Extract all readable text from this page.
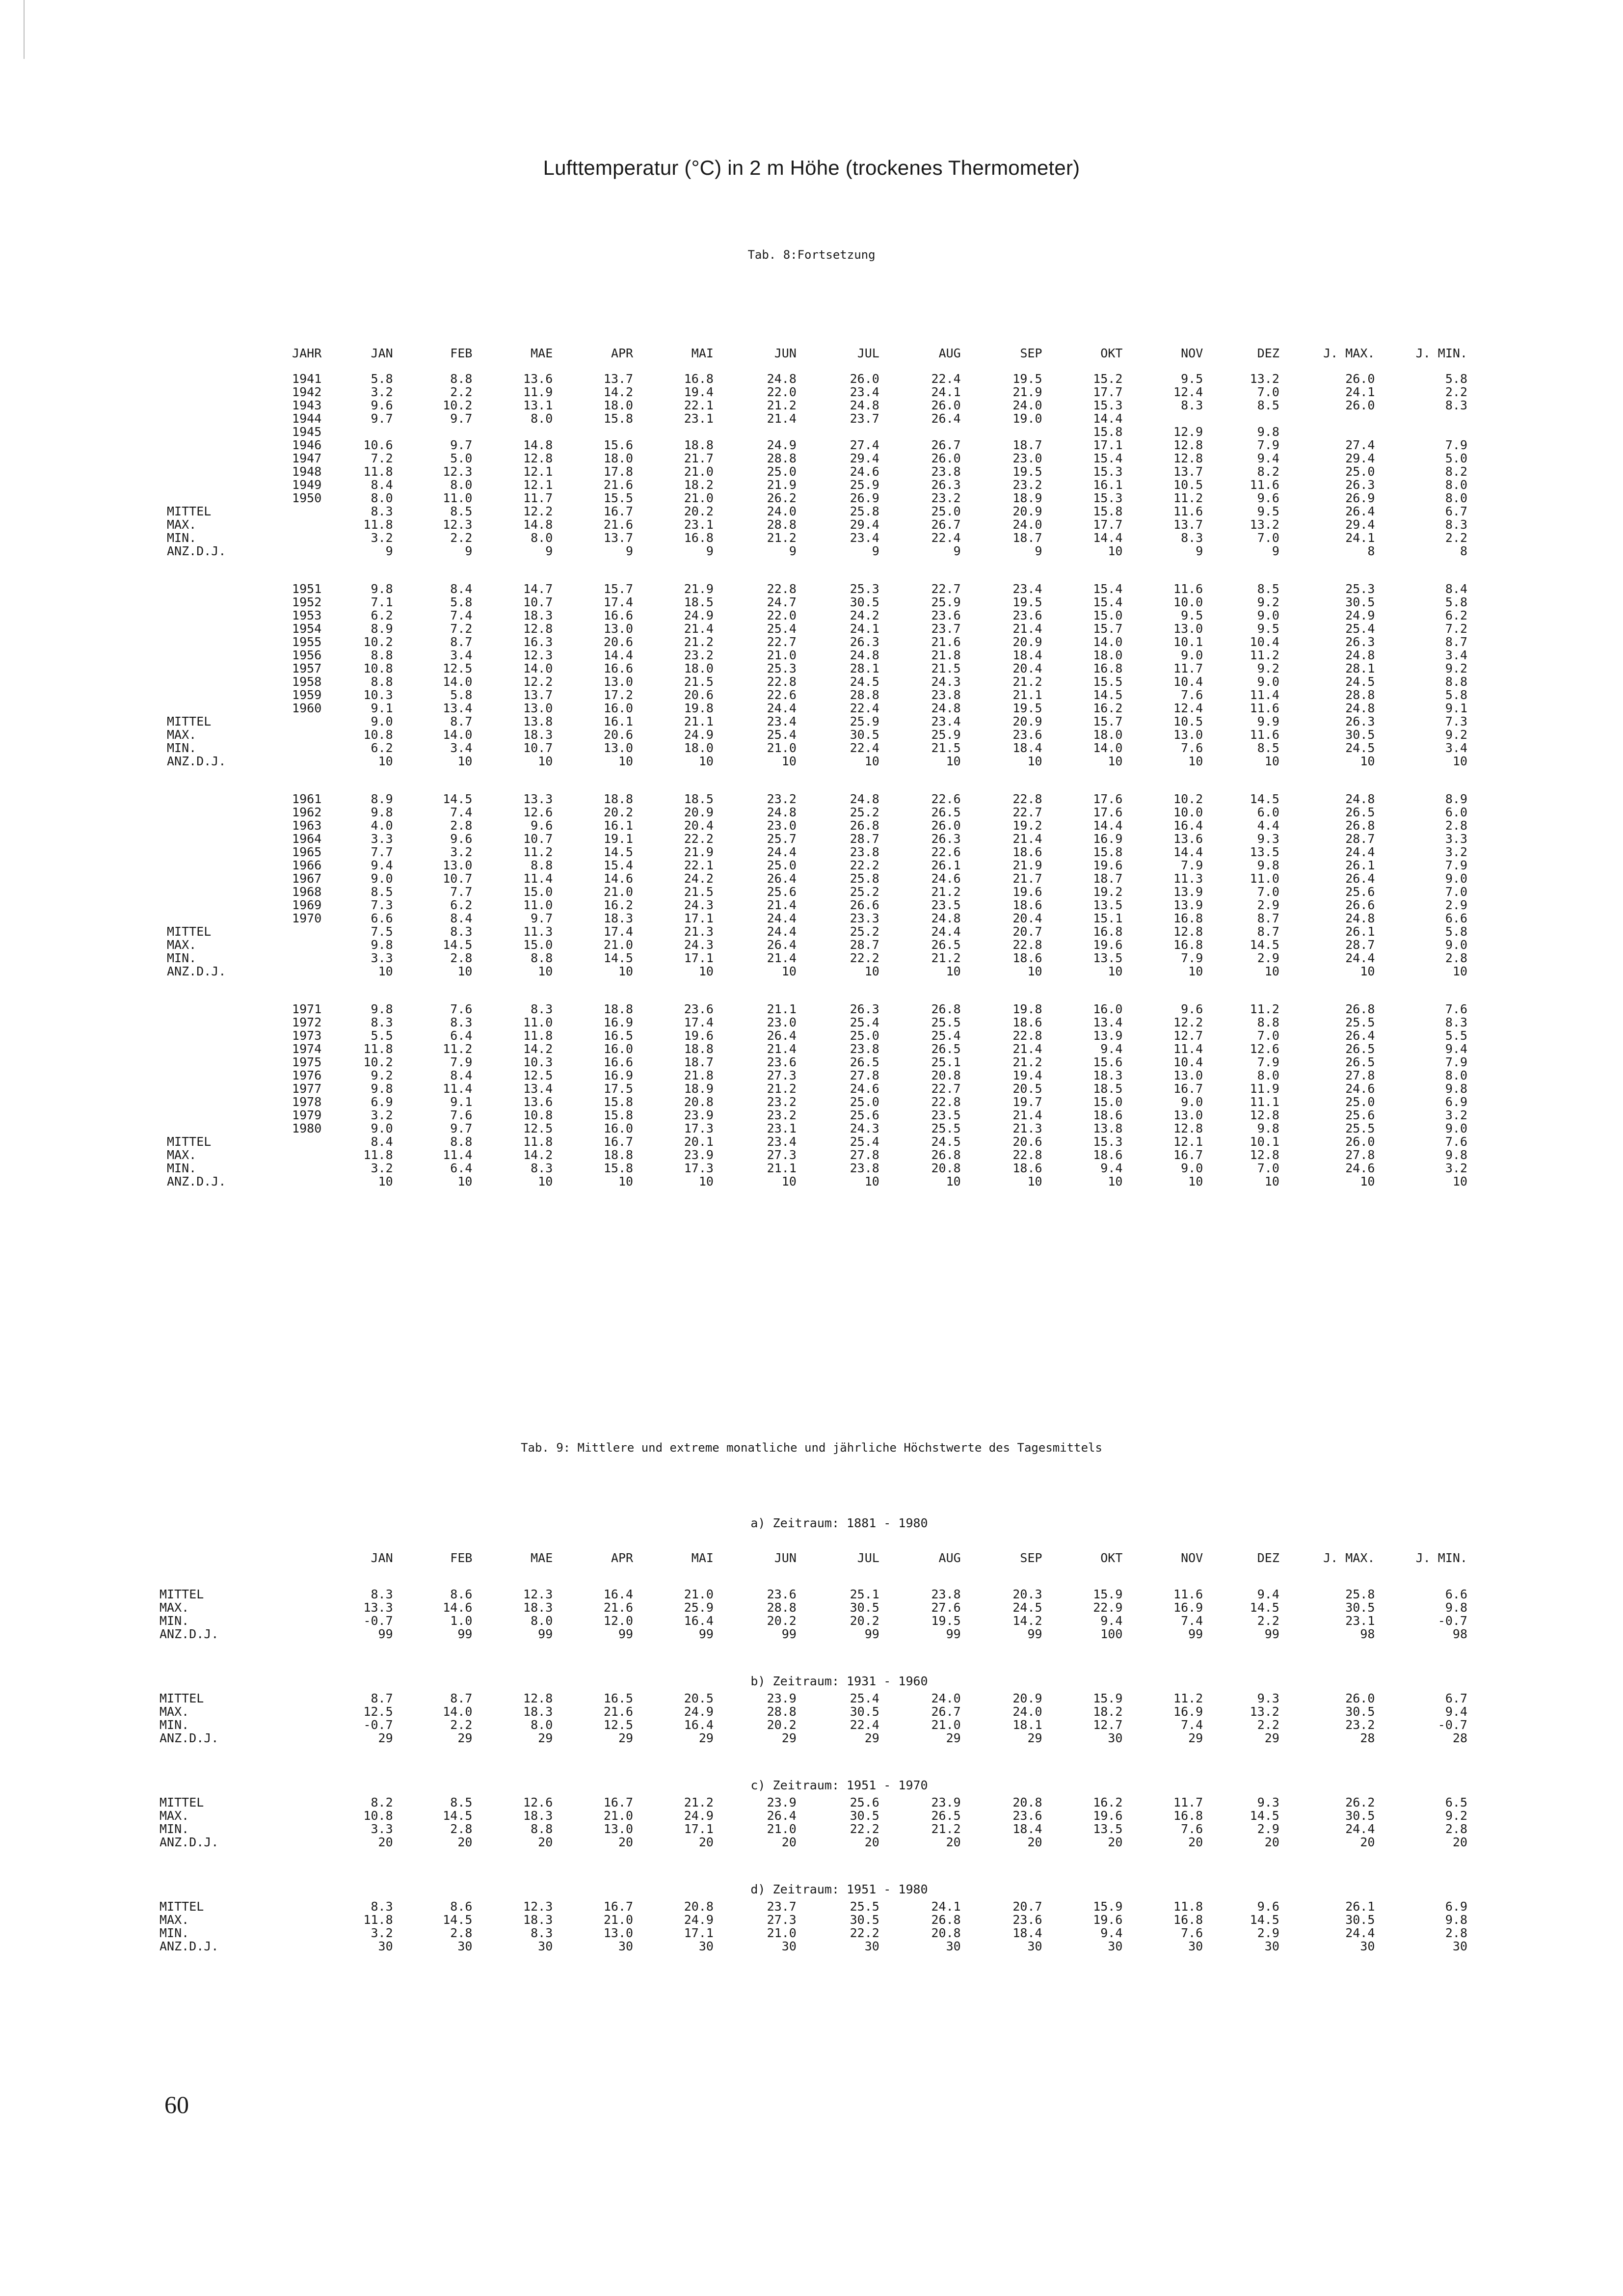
Lufttemperatur (°C) in 2 m Höhe (trockenes Thermometer)
Tab. 8:Fortsetzung
JAHR	JAN	FEB	MAE	APR	MAI	JUN	JUL	AUG	SEP	OKT	NOV	DEZ	J. MAX.	J. MIN.

1941	5.8	8.8	13.6	13.7	16.8	24.8	26.0	22.4	19.5	15.2	9.5	13.2	26.0	5.8
1942	3.2	2.2	11.9	14.2	19.4	22.0	23.4	24.1	21.9	17.7	12.4	7.0	24.1	2.2
1943	9.6	10.2	13.1	18.0	22.1	21.2	24.8	26.0	24.0	15.3	8.3	8.5	26.0	8.3
1944	9.7	9.7	8.0	15.8	23.1	21.4	23.7	26.4	19.0	14.4				
1945										15.8	12.9	9.8		
1946	10.6	9.7	14.8	15.6	18.8	24.9	27.4	26.7	18.7	17.1	12.8	7.9	27.4	7.9
1947	7.2	5.0	12.8	18.0	21.7	28.8	29.4	26.0	23.0	15.4	12.8	9.4	29.4	5.0
1948	11.8	12.3	12.1	17.8	21.0	25.0	24.6	23.8	19.5	15.3	13.7	8.2	25.0	8.2
1949	8.4	8.0	12.1	21.6	18.2	21.9	25.9	26.3	23.2	16.1	10.5	11.6	26.3	8.0
1950	8.0	11.0	11.7	15.5	21.0	26.2	26.9	23.2	18.9	15.3	11.2	9.6	26.9	8.0
MITTEL	8.3	8.5	12.2	16.7	20.2	24.0	25.8	25.0	20.9	15.8	11.6	9.5	26.4	6.7
MAX.	11.8	12.3	14.8	21.6	23.1	28.8	29.4	26.7	24.0	17.7	13.7	13.2	29.4	8.3
MIN.	3.2	2.2	8.0	13.7	16.8	21.2	23.4	22.4	18.7	14.4	8.3	7.0	24.1	2.2
ANZ.D.J.	9	9	9	9	9	9	9	9	9	10	9	9	8	8

1951	9.8	8.4	14.7	15.7	21.9	22.8	25.3	22.7	23.4	15.4	11.6	8.5	25.3	8.4
1952	7.1	5.8	10.7	17.4	18.5	24.7	30.5	25.9	19.5	15.4	10.0	9.2	30.5	5.8
1953	6.2	7.4	18.3	16.6	24.9	22.0	24.2	23.6	23.6	15.0	9.5	9.0	24.9	6.2
1954	8.9	7.2	12.8	13.0	21.4	25.4	24.1	23.7	21.4	15.7	13.0	9.5	25.4	7.2
1955	10.2	8.7	16.3	20.6	21.2	22.7	26.3	21.6	20.9	14.0	10.1	10.4	26.3	8.7
1956	8.8	3.4	12.3	14.4	23.2	21.0	24.8	21.8	18.4	18.0	9.0	11.2	24.8	3.4
1957	10.8	12.5	14.0	16.6	18.0	25.3	28.1	21.5	20.4	16.8	11.7	9.2	28.1	9.2
1958	8.8	14.0	12.2	13.0	21.5	22.8	24.5	24.3	21.2	15.5	10.4	9.0	24.5	8.8
1959	10.3	5.8	13.7	17.2	20.6	22.6	28.8	23.8	21.1	14.5	7.6	11.4	28.8	5.8
1960	9.1	13.4	13.0	16.0	19.8	24.4	22.4	24.8	19.5	16.2	12.4	11.6	24.8	9.1
MITTEL	9.0	8.7	13.8	16.1	21.1	23.4	25.9	23.4	20.9	15.7	10.5	9.9	26.3	7.3
MAX.	10.8	14.0	18.3	20.6	24.9	25.4	30.5	25.9	23.6	18.0	13.0	11.6	30.5	9.2
MIN.	6.2	3.4	10.7	13.0	18.0	21.0	22.4	21.5	18.4	14.0	7.6	8.5	24.5	3.4
ANZ.D.J.	10	10	10	10	10	10	10	10	10	10	10	10	10	10

1961	8.9	14.5	13.3	18.8	18.5	23.2	24.8	22.6	22.8	17.6	10.2	14.5	24.8	8.9
1962	9.8	7.4	12.6	20.2	20.9	24.8	25.2	26.5	22.7	17.6	10.0	6.0	26.5	6.0
1963	4.0	2.8	9.6	16.1	20.4	23.0	26.8	26.0	19.2	14.4	16.4	4.4	26.8	2.8
1964	3.3	9.6	10.7	19.1	22.2	25.7	28.7	26.3	21.4	16.9	13.6	9.3	28.7	3.3
1965	7.7	3.2	11.2	14.5	21.9	24.4	23.8	22.6	18.6	15.8	14.4	13.5	24.4	3.2
1966	9.4	13.0	8.8	15.4	22.1	25.0	22.2	26.1	21.9	19.6	7.9	9.8	26.1	7.9
1967	9.0	10.7	11.4	14.6	24.2	26.4	25.8	24.6	21.7	18.7	11.3	11.0	26.4	9.0
1968	8.5	7.7	15.0	21.0	21.5	25.6	25.2	21.2	19.6	19.2	13.9	7.0	25.6	7.0
1969	7.3	6.2	11.0	16.2	24.3	21.4	26.6	23.5	18.6	13.5	13.9	2.9	26.6	2.9
1970	6.6	8.4	9.7	18.3	17.1	24.4	23.3	24.8	20.4	15.1	16.8	8.7	24.8	6.6
MITTEL	7.5	8.3	11.3	17.4	21.3	24.4	25.2	24.4	20.7	16.8	12.8	8.7	26.1	5.8
MAX.	9.8	14.5	15.0	21.0	24.3	26.4	28.7	26.5	22.8	19.6	16.8	14.5	28.7	9.0
MIN.	3.3	2.8	8.8	14.5	17.1	21.4	22.2	21.2	18.6	13.5	7.9	2.9	24.4	2.8
ANZ.D.J.	10	10	10	10	10	10	10	10	10	10	10	10	10	10

1971	9.8	7.6	8.3	18.8	23.6	21.1	26.3	26.8	19.8	16.0	9.6	11.2	26.8	7.6
1972	8.3	8.3	11.0	16.9	17.4	23.0	25.4	25.5	18.6	13.4	12.2	8.8	25.5	8.3
1973	5.5	6.4	11.8	16.5	19.6	26.4	25.0	25.4	22.8	13.9	12.7	7.0	26.4	5.5
1974	11.8	11.2	14.2	16.0	18.8	21.4	23.8	26.5	21.4	9.4	11.4	12.6	26.5	9.4
1975	10.2	7.9	10.3	16.6	18.7	23.6	26.5	25.1	21.2	15.6	10.4	7.9	26.5	7.9
1976	9.2	8.4	12.5	16.9	21.8	27.3	27.8	20.8	19.4	18.3	13.0	8.0	27.8	8.0
1977	9.8	11.4	13.4	17.5	18.9	21.2	24.6	22.7	20.5	18.5	16.7	11.9	24.6	9.8
1978	6.9	9.1	13.6	15.8	20.8	23.2	25.0	22.8	19.7	15.0	9.0	11.1	25.0	6.9
1979	3.2	7.6	10.8	15.8	23.9	23.2	25.6	23.5	21.4	18.6	13.0	12.8	25.6	3.2
1980	9.0	9.7	12.5	16.0	17.3	23.1	24.3	25.5	21.3	13.8	12.8	9.8	25.5	9.0
MITTEL	8.4	8.8	11.8	16.7	20.1	23.4	25.4	24.5	20.6	15.3	12.1	10.1	26.0	7.6
MAX.	11.8	11.4	14.2	18.8	23.9	27.3	27.8	26.8	22.8	18.6	16.7	12.8	27.8	9.8
MIN.	3.2	6.4	8.3	15.8	17.3	21.1	23.8	20.8	18.6	9.4	9.0	7.0	24.6	3.2
ANZ.D.J.	10	10	10	10	10	10	10	10	10	10	10	10	10	10
Tab. 9: Mittlere und extreme monatliche und jährliche Höchstwerte des Tagesmittels
a) Zeitraum: 1881 - 1980

	JAN	FEB	MAE	APR	MAI	JUN	JUL	AUG	SEP	OKT	NOV	DEZ	J. MAX.	J. MIN.

MITTEL	8.3	8.6	12.3	16.4	21.0	23.6	25.1	23.8	20.3	15.9	11.6	9.4	25.8	6.6
MAX.	13.3	14.6	18.3	21.6	25.9	28.8	30.5	27.6	24.5	22.9	16.9	14.5	30.5	9.8
MIN.	-0.7	1.0	8.0	12.0	16.4	20.2	20.2	19.5	14.2	9.4	7.4	2.2	23.1	-0.7
ANZ.D.J.	99	99	99	99	99	99	99	99	99	100	99	99	98	98

b) Zeitraum: 1931 - 1960
MITTEL	8.7	8.7	12.8	16.5	20.5	23.9	25.4	24.0	20.9	15.9	11.2	9.3	26.0	6.7
MAX.	12.5	14.0	18.3	21.6	24.9	28.8	30.5	26.7	24.0	18.2	16.9	13.2	30.5	9.4
MIN.	-0.7	2.2	8.0	12.5	16.4	20.2	22.4	21.0	18.1	12.7	7.4	2.2	23.2	-0.7
ANZ.D.J.	29	29	29	29	29	29	29	29	29	30	29	29	28	28

c) Zeitraum: 1951 - 1970
MITTEL	8.2	8.5	12.6	16.7	21.2	23.9	25.6	23.9	20.8	16.2	11.7	9.3	26.2	6.5
MAX.	10.8	14.5	18.3	21.0	24.9	26.4	30.5	26.5	23.6	19.6	16.8	14.5	30.5	9.2
MIN.	3.3	2.8	8.8	13.0	17.1	21.0	22.2	21.2	18.4	13.5	7.6	2.9	24.4	2.8
ANZ.D.J.	20	20	20	20	20	20	20	20	20	20	20	20	20	20

d) Zeitraum: 1951 - 1980
MITTEL	8.3	8.6	12.3	16.7	20.8	23.7	25.5	24.1	20.7	15.9	11.8	9.6	26.1	6.9
MAX.	11.8	14.5	18.3	21.0	24.9	27.3	30.5	26.8	23.6	19.6	16.8	14.5	30.5	9.8
MIN.	3.2	2.8	8.3	13.0	17.1	21.0	22.2	20.8	18.4	9.4	7.6	2.9	24.4	2.8
ANZ.D.J.	30	30	30	30	30	30	30	30	30	30	30	30	30	30

60
